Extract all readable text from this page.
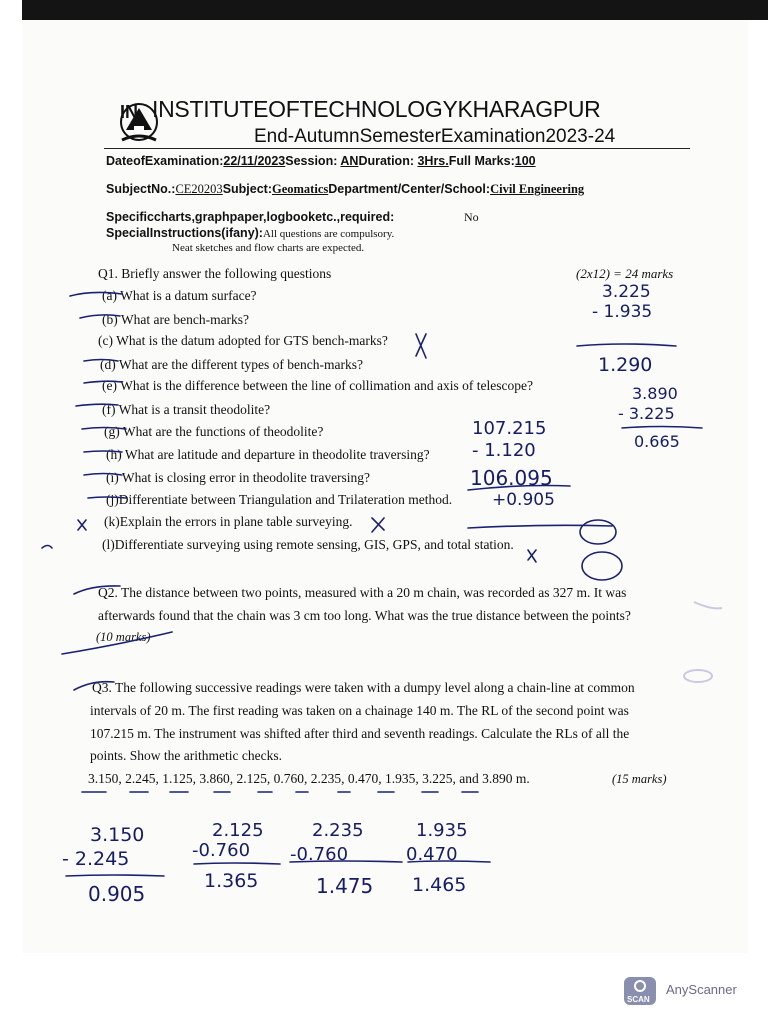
IN INSTITUTEOFTECHNOLOGYKHARAGPUR
End-AutumnSemesterExamination2023-24
DateofExamination:22/11/2023Session: ANDuration: 3Hrs.Full Marks:100
SubjectNo.:CE20203Subject:GeomaticsDepartment/Center/School:Civil Engineering
Specificcharts,graphpaper,logbooketc.,required:	No
SpecialInstructions(ifany):All questions are compulsory.
Neat sketches and flow charts are expected.
Q1. Briefly answer the following questions	(2x12) = 24 marks
(a) What is a datum surface?
(b) What are bench-marks?
(c) What is the datum adopted for GTS bench-marks?
(d) What are the different types of bench-marks?
(e) What is the difference between the line of collimation and axis of telescope?
(f) What is a transit theodolite?
(g) What are the functions of theodolite?
(h) What are latitude and departure in theodolite traversing?
(i) What is closing error in theodolite traversing?
(j)Differentiate between Triangulation and Trilateration method.
(k)Explain the errors in plane table surveying.
(l)Differentiate surveying using remote sensing, GIS, GPS, and total station.
Q2. The distance between two points, measured with a 20 m chain, was recorded as 327 m. It was
afterwards found that the chain was 3 cm too long. What was the true distance between the points?
(10 marks)
Q3. The following successive readings were taken with a dumpy level along a chain-line at common
intervals of 20 m. The first reading was taken on a chainage 140 m. The RL of the second point was
107.215 m. The instrument was shifted after third and seventh readings. Calculate the RLs of all the
points. Show the arithmetic checks.
3.150, 2.245, 1.125, 3.860, 2.125, 0.760, 2.235, 0.470, 1.935, 3.225, and 3.890 m.	(15 marks)
3.225
- 1.935
1.290
3.890
- 3.225
0.665
107.215
- 1.120
106.095
+0.905
3.150
- 2.245
0.905
2.125
-0.760
1.365
2.235
-0.760
1.475
1.935
0.470
1.465
SCAN
AnyScanner
